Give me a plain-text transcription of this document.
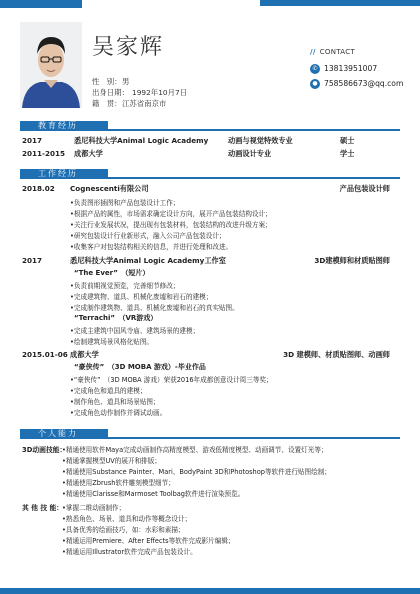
吴家辉
性　别：男
出身日期： 1992年10月7日
籍　贯：江苏省南京市
// CONTACT
✆ 13813951007
● 758586673@qq.com
教育经历
2017	悉尼科技大学Animal Logic Academy	动画与视觉特效专业	硕士
2011-2015 成都大学	动画设计专业	学士
工作经历
2018.02 Cognescenti有限公司	产品包装设计师
•负责图形插图和产品包装设计工作；
•根据产品的属性，市场需求确定设计方向，展开产品包装结构设计；
•关注行业发展状况，提出现有包装材料，包装结构的改进升级方案；
•研究包装设计行业新形式，融入公司产品包装设计；
•收集客户对包装结构相关的信息，并进行处理和改进。
2017	悉尼科技大学Animal Logic Academy工作室	3D建模师和材质贴图师
“The Ever”　（短片）
•负责前期视觉预览，完善细节修改；
•完成建筑物、道具、机械化废墟和岩石的建模；
•完成制作建筑物、道具、机械化废墟和岩石的真实贴图。
“Terrachi”　（VR游戏）
•完成主建筑中国风寺庙、建筑场景的建模；
•绘制建筑场景风格化贴图。
2015.01-06 成都大学	3D 建模师、材质贴图师、动画师
“豪侠传”　（3D MOBA 游戏）-毕业作品
•“豪侠传”　（3D MOBA 游戏）荣获2016年成都创意设计周三等奖；
•完成角色和道具的建模；
•制作角色、道具和场景贴图；
•完成角色动作制作并调试动画。
个人能力
3D动画技能：
•精通使用软件Maya完成动画制作高精度模型、游戏低精度模型、动画调节、设置灯光等；
•精通掌握模型UV的展开和排版；
•精通使用Substance Painter、Mari、BodyPaint 3D和Photoshop等软件进行贴图绘制；
•精通使用Zbrush软件雕刻模型细节；
•精通使用Clarisse和Marmoset Toolbag软件进行渲染预览。
其 他 技 能：
•掌握二维动画制作；
•熟悉角色、场景、道具和动作等概念设计；
•具备优秀的绘画技巧，如：水彩和素描；
•精通运用Premiere、After Effects等软件完成影片编辑；
•精通运用Illustrator软件完成产品包装设计。
